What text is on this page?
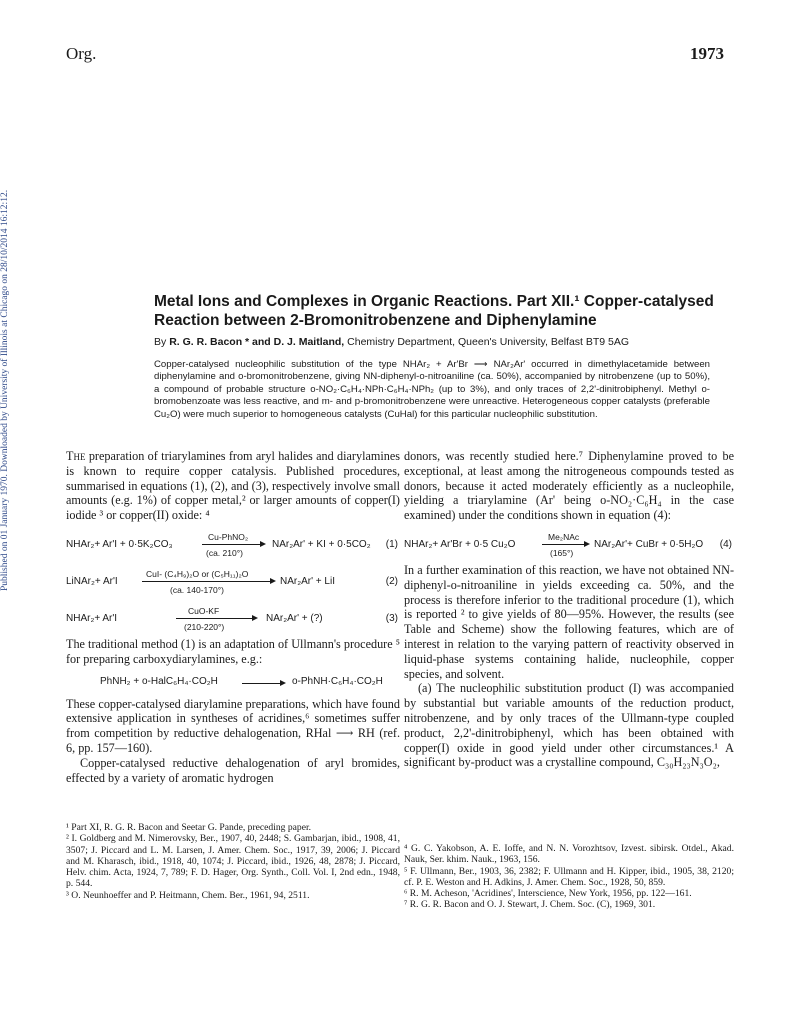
Org.	1973
Published on 01 January 1970. Downloaded by University of Illinois at Chicago on 28/10/2014 16:12:12.	Metal Ions and Complexes in Organic Reactions. Part XII.¹ Copper-catalysed Reaction between 2-Bromonitrobenzene and Diphenylamine
By R. G. R. Bacon * and D. J. Maitland, Chemistry Department, Queen's University, Belfast BT9 5AG
Copper-catalysed nucleophilic substitution of the type NHAr₂ + Ar'Br ⟶ NAr₂Ar' occurred in dimethylacetamide between diphenylamine and o-bromonitrobenzene, giving NN-diphenyl-o-nitroaniline (ca. 50%), accompanied by nitrobenzene (up to 50%), a compound of probable structure o-NO₂·C₆H₄·NPh·C₆H₄·NPh₂ (up to 3%), and only traces of 2,2'-dinitrobiphenyl. Methyl o-bromobenzoate was less reactive, and m- and p-bromonitrobenzene were unreactive. Heterogeneous copper catalysts (preferable Cu₂O) were much superior to homogeneous catalysts (CuHal) for this particular nucleophilic substitution.

The preparation of triarylamines from aryl halides and diarylamines is known to require copper catalysis. Published procedures, summarised in equations (1), (2), and (3), respectively involve small amounts (e.g. 1%) of copper metal,² or larger amounts of copper(I) iodide ³ or copper(II) oxide: ⁴

NHAr₂+ Ar'I + 0·5K₂CO₃
Cu-PhNO₂
(ca. 210°)
NAr₂Ar' + KI + 0·5CO₂ (1)
LiNAr₂+ Ar'I
CuI- (C₄H₉)₂O or (C₅H₁₁)₂O
(ca. 140-170°)
NAr₂Ar' + LiI	(2)
NHAr₂+ Ar'I
CuO-KF
(210-220°)
NAr₂Ar' + (?)	(3)

The traditional method (1) is an adaptation of Ullmann's procedure ⁵ for preparing carboxydiarylamines, e.g.:

PhNH₂ + o-HalC₆H₄·CO₂H	o-PhNH·C₆H₄·CO₂H

These copper-catalysed diarylamine preparations, which have found extensive application in syntheses of acridines,⁶ sometimes suffer from competition by reductive dehalogenation, RHal ⟶ RH (ref. 6, pp. 157—160).

Copper-catalysed reductive dehalogenation of aryl bromides, effected by a variety of aromatic hydrogen

donors, was recently studied here.⁷ Diphenylamine proved to be exceptional, at least among the nitrogeneous compounds tested as donors, because it acted moderately efficiently as a nucleophile, yielding a triarylamine (Ar' being o-NO₂·C₆H₄ in the case examined) under the conditions shown in equation (4):

NHAr₂+ Ar'Br + 0·5 Cu₂O
Me₂NAc
(165°)
NAr₂Ar'+ CuBr + 0·5H₂O (4)

In a further examination of this reaction, we have not obtained NN-diphenyl-o-nitroaniline in yields exceeding ca. 50%, and the process is therefore inferior to the traditional procedure (1), which is reported ² to give yields of 80—95%. However, the results (see Table and Scheme) show the following features, which are of interest in relation to the varying pattern of reactivity observed in liquid-phase systems containing halide, nucleophile, copper species, and solvent.

(a) The nucleophilic substitution product (I) was accompanied by substantial but variable amounts of the reduction product, nitrobenzene, and by only traces of the Ullmann-type coupled product, 2,2'-dinitrobiphenyl, which has been obtained with copper(I) oxide in good yield under other circumstances.¹ A significant by-product was a crystalline compound, C₃₀H₂₃N₃O₂,

¹ Part XI, R. G. R. Bacon and Seetar G. Pande, preceding paper.

² I. Goldberg and M. Nimerovsky, Ber., 1907, 40, 2448; S. Gambarjan, ibid., 1908, 41, 3507; J. Piccard and L. M. Larsen, J. Amer. Chem. Soc., 1917, 39, 2006; J. Piccard and M. Kharasch, ibid., 1918, 40, 1074; J. Piccard, ibid., 1926, 48, 2878; J. Piccard, Helv. chim. Acta, 1924, 7, 789; F. D. Hager, Org. Synth., Coll. Vol. I, 2nd edn., 1948, p. 544.

³ O. Neunhoeffer and P. Heitmann, Chem. Ber., 1961, 94, 2511.

⁴ G. C. Yakobson, A. E. Ioffe, and N. N. Vorozhtsov, Izvest. sibirsk. Otdel., Akad. Nauk, Ser. khim. Nauk., 1963, 156.

⁵ F. Ullmann, Ber., 1903, 36, 2382; F. Ullmann and H. Kipper, ibid., 1905, 38, 2120; cf. P. E. Weston and H. Adkins, J. Amer. Chem. Soc., 1928, 50, 859.

⁶ R. M. Acheson, 'Acridines', Interscience, New York, 1956, pp. 122—161.

⁷ R. G. R. Bacon and O. J. Stewart, J. Chem. Soc. (C), 1969, 301.
